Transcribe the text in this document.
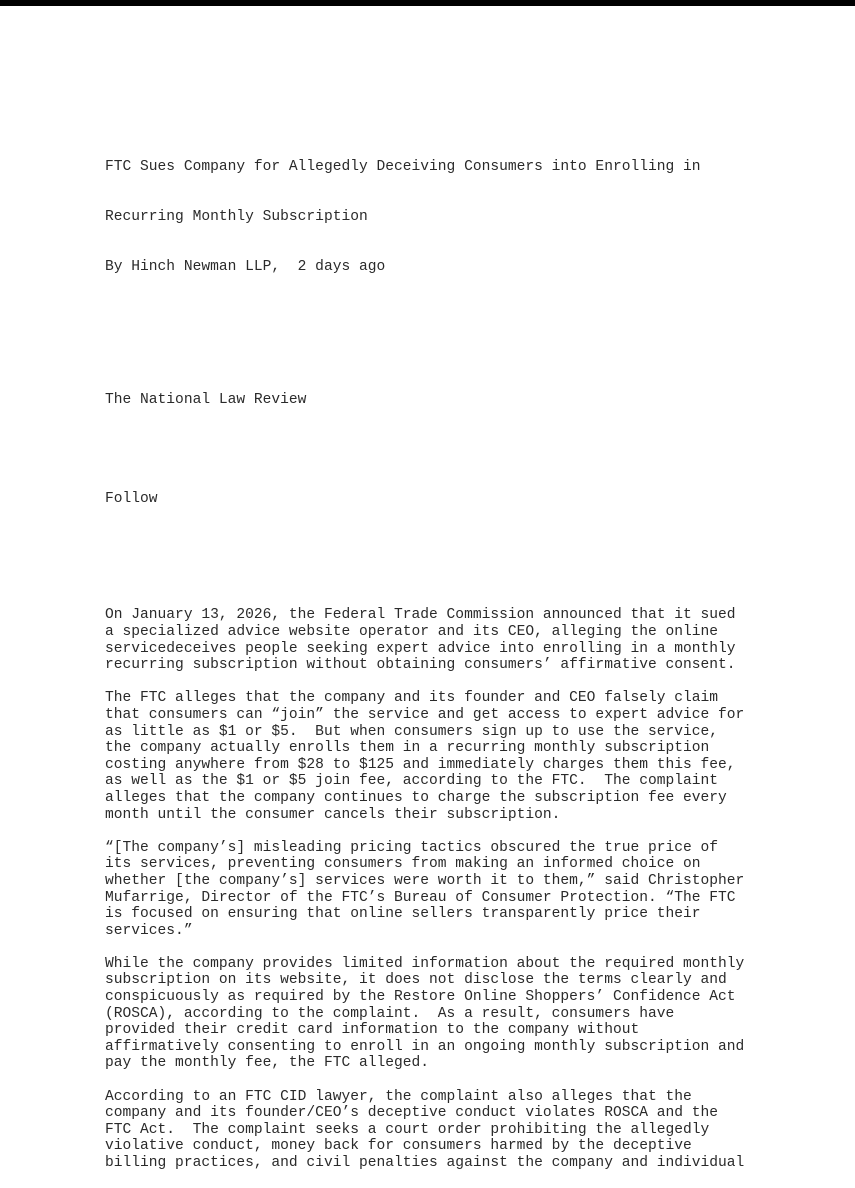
FTC Sues Company for Allegedly Deceiving Consumers into Enrolling in

Recurring Monthly Subscription

By Hinch Newman LLP,  2 days ago

The National Law Review

Follow

On January 13, 2026, the Federal Trade Commission announced that it sued
a specialized advice website operator and its CEO, alleging the online
servicedeceives people seeking expert advice into enrolling in a monthly
recurring subscription without obtaining consumers’ affirmative consent.
The FTC alleges that the company and its founder and CEO falsely claim
that consumers can “join” the service and get access to expert advice for
as little as $1 or $5.  But when consumers sign up to use the service,
the company actually enrolls them in a recurring monthly subscription
costing anywhere from $28 to $125 and immediately charges them this fee,
as well as the $1 or $5 join fee, according to the FTC.  The complaint
alleges that the company continues to charge the subscription fee every
month until the consumer cancels their subscription.
“[The company’s] misleading pricing tactics obscured the true price of
its services, preventing consumers from making an informed choice on
whether [the company’s] services were worth it to them,” said Christopher
Mufarrige, Director of the FTC’s Bureau of Consumer Protection. “The FTC
is focused on ensuring that online sellers transparently price their
services.”
While the company provides limited information about the required monthly
subscription on its website, it does not disclose the terms clearly and
conspicuously as required by the Restore Online Shoppers’ Confidence Act
(ROSCA), according to the complaint.  As a result, consumers have
provided their credit card information to the company without
affirmatively consenting to enroll in an ongoing monthly subscription and
pay the monthly fee, the FTC alleged.
According to an FTC CID lawyer, the complaint also alleges that the
company and its founder/CEO’s deceptive conduct violates ROSCA and the
FTC Act.  The complaint seeks a court order prohibiting the allegedly
violative conduct, money back for consumers harmed by the deceptive
billing practices, and civil penalties against the company and individual
